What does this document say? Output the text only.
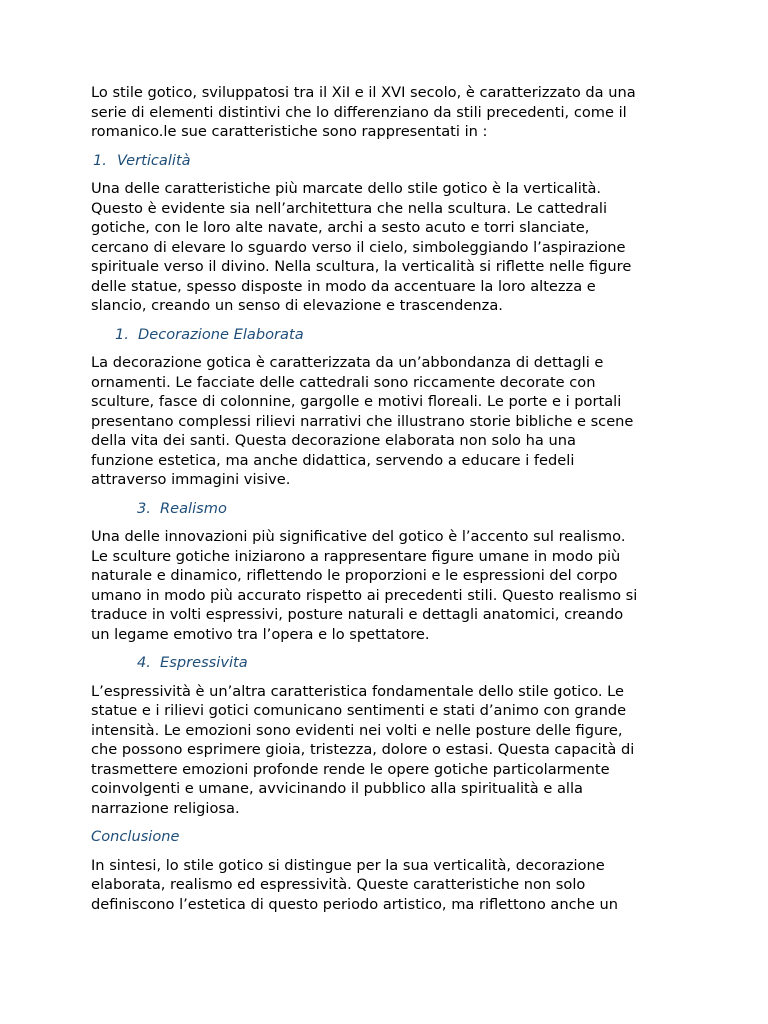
Lo stile gotico, sviluppatosi tra il XiI e il XVI secolo, è caratterizzato da una
serie di elementi distintivi che lo differenziano da stili precedenti, come il
romanico.le sue caratteristiche sono rappresentati in :

1. Verticalità

Una delle caratteristiche più marcate dello stile gotico è la verticalità.
Questo è evidente sia nell’architettura che nella scultura. Le cattedrali
gotiche, con le loro alte navate, archi a sesto acuto e torri slanciate,
cercano di elevare lo sguardo verso il cielo, simboleggiando l’aspirazione
spirituale verso il divino. Nella scultura, la verticalità si riflette nelle figure
delle statue, spesso disposte in modo da accentuare la loro altezza e
slancio, creando un senso di elevazione e trascendenza.

1. Decorazione Elaborata

La decorazione gotica è caratterizzata da un’abbondanza di dettagli e
ornamenti. Le facciate delle cattedrali sono riccamente decorate con
sculture, fasce di colonnine, gargolle e motivi floreali. Le porte e i portali
presentano complessi rilievi narrativi che illustrano storie bibliche e scene
della vita dei santi. Questa decorazione elaborata non solo ha una
funzione estetica, ma anche didattica, servendo a educare i fedeli
attraverso immagini visive.

3. Realismo

Una delle innovazioni più significative del gotico è l’accento sul realismo.
Le sculture gotiche iniziarono a rappresentare figure umane in modo più
naturale e dinamico, riflettendo le proporzioni e le espressioni del corpo
umano in modo più accurato rispetto ai precedenti stili. Questo realismo si
traduce in volti espressivi, posture naturali e dettagli anatomici, creando
un legame emotivo tra l’opera e lo spettatore.

4. Espressivita

L’espressività è un’altra caratteristica fondamentale dello stile gotico. Le
statue e i rilievi gotici comunicano sentimenti e stati d’animo con grande
intensità. Le emozioni sono evidenti nei volti e nelle posture delle figure,
che possono esprimere gioia, tristezza, dolore o estasi. Questa capacità di
trasmettere emozioni profonde rende le opere gotiche particolarmente
coinvolgenti e umane, avvicinando il pubblico alla spiritualità e alla
narrazione religiosa.

Conclusione

In sintesi, lo stile gotico si distingue per la sua verticalità, decorazione
elaborata, realismo ed espressività. Queste caratteristiche non solo
definiscono l’estetica di questo periodo artistico, ma riflettono anche un
